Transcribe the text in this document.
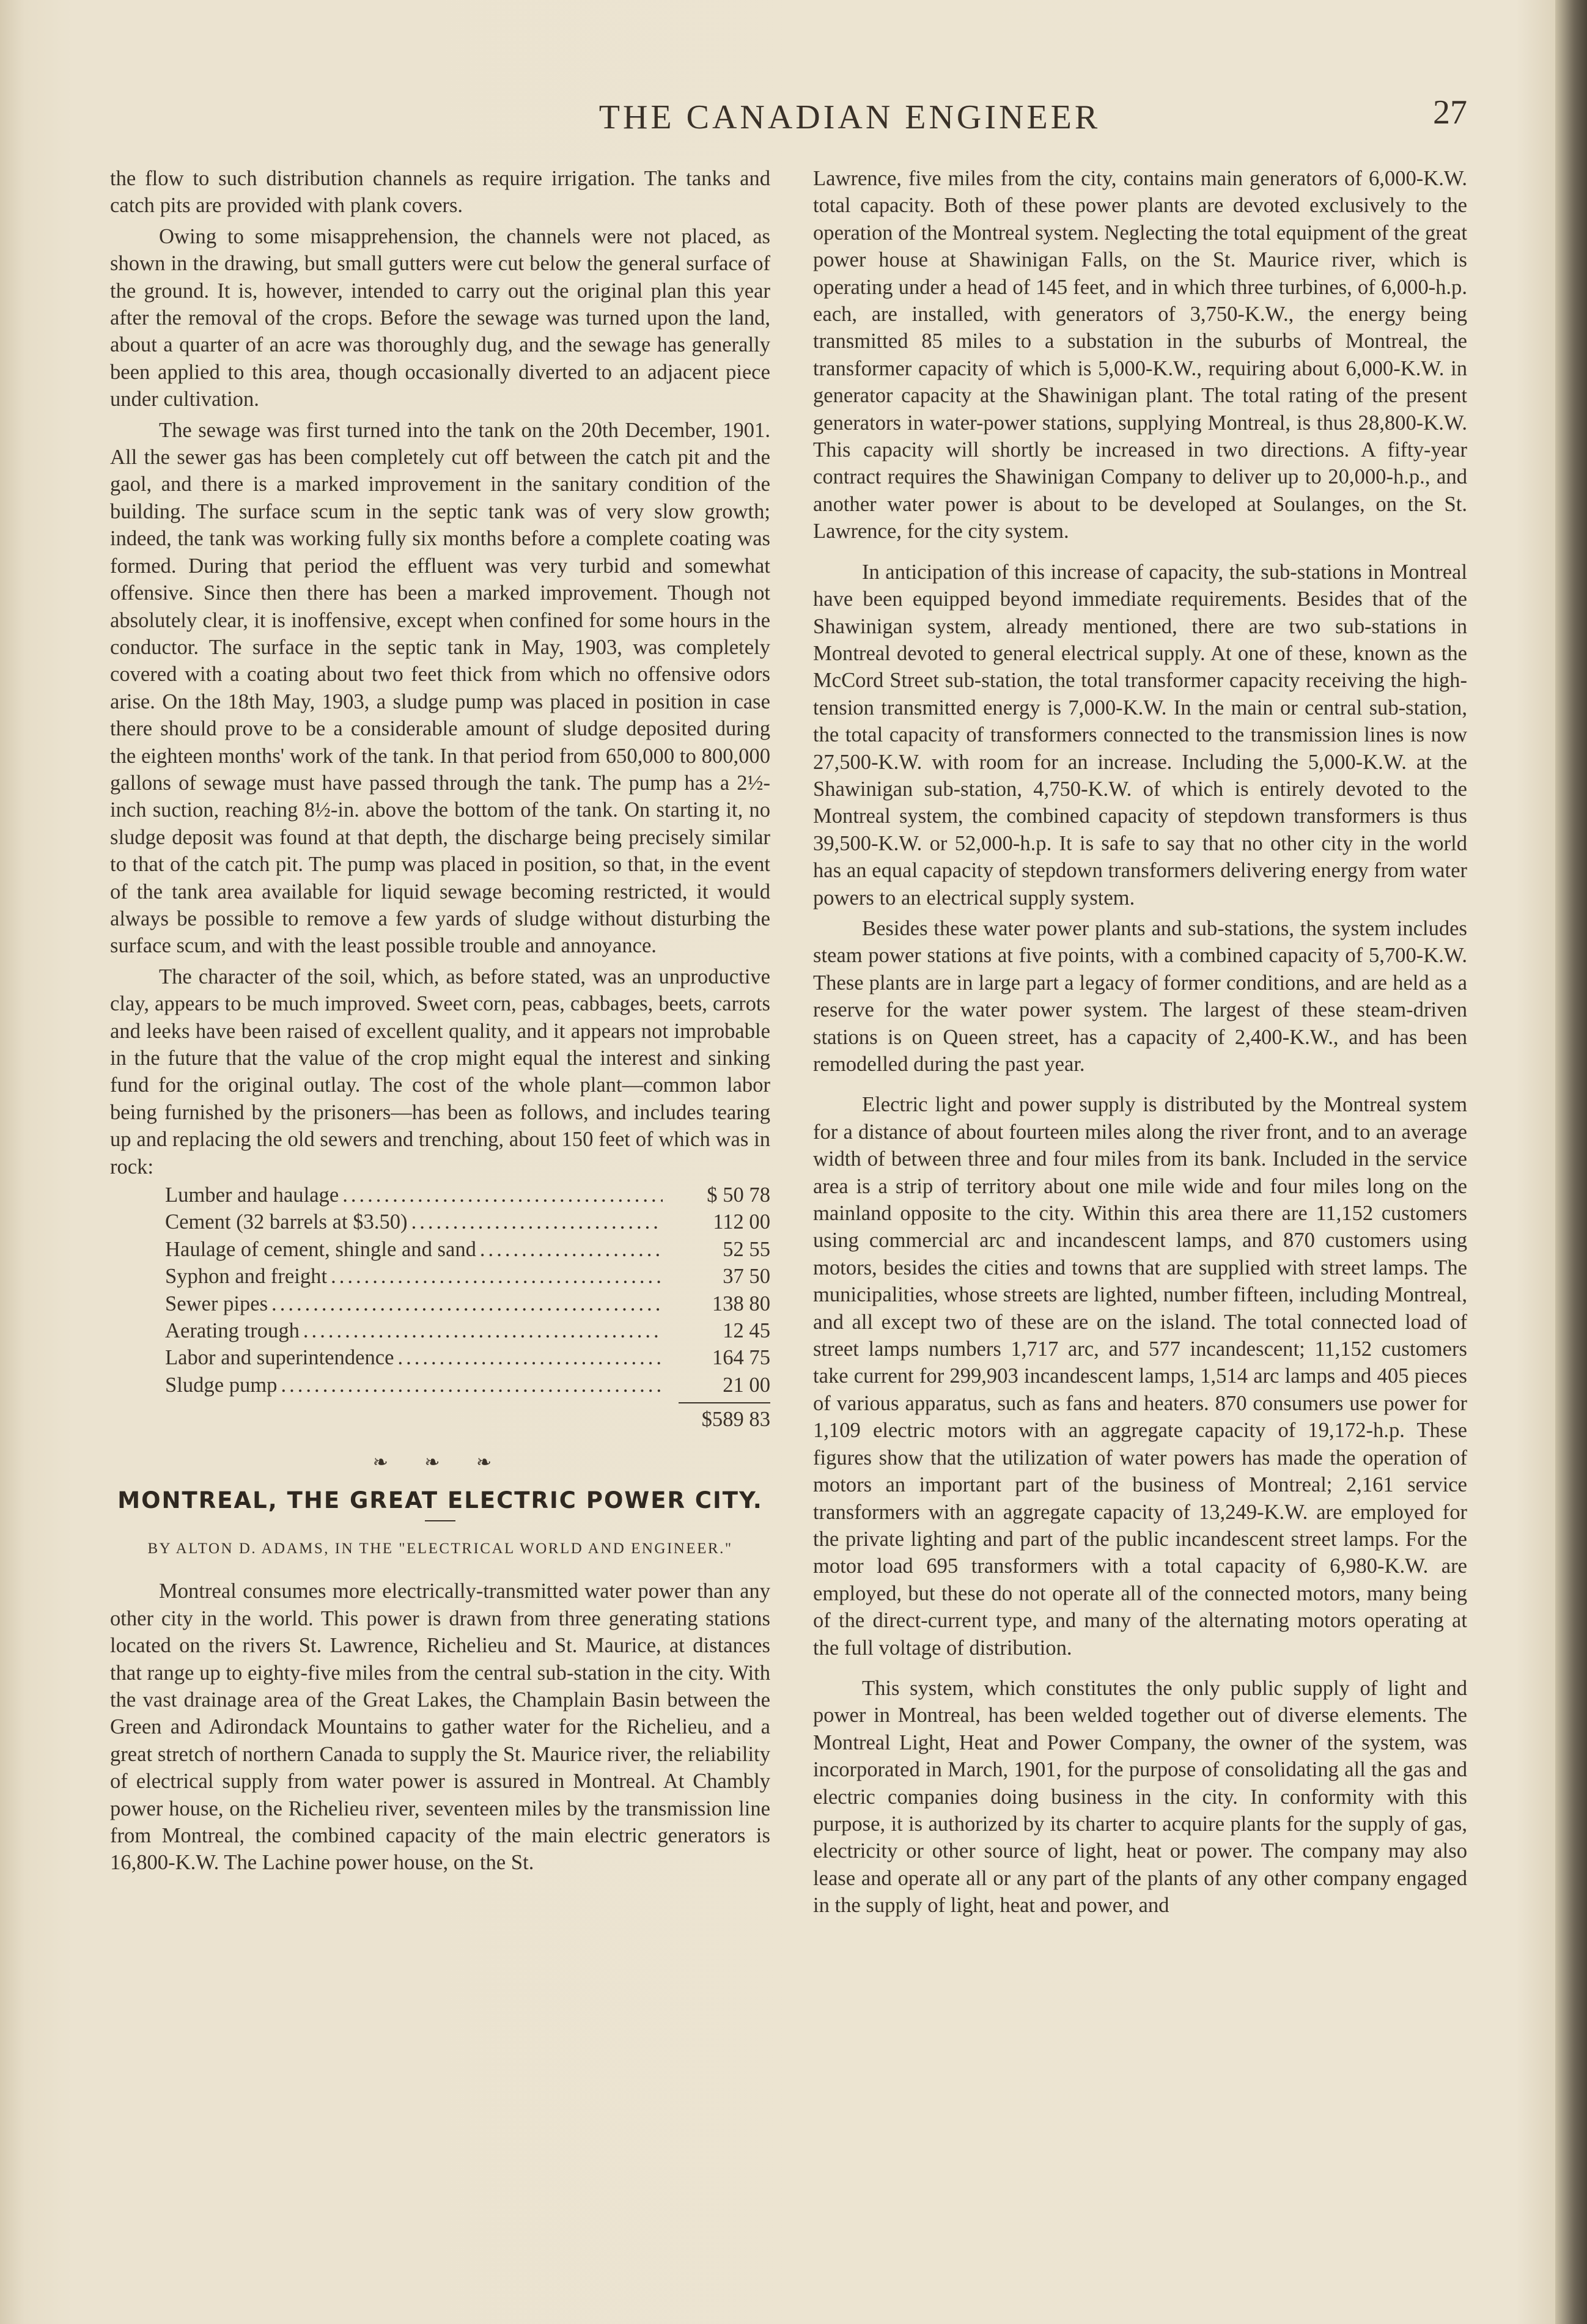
THE CANADIAN ENGINEER	27

the flow to such distribution channels as require irrigation. The tanks and catch pits are provided with plank covers.

Owing to some misapprehension, the channels were not placed, as shown in the drawing, but small gutters were cut below the general surface of the ground. It is, however, intended to carry out the original plan this year after the removal of the crops. Before the sewage was turned upon the land, about a quarter of an acre was thoroughly dug, and the sewage has generally been applied to this area, though occasionally diverted to an adjacent piece under cultivation.

The sewage was first turned into the tank on the 20th December, 1901. All the sewer gas has been completely cut off between the catch pit and the gaol, and there is a marked improvement in the sanitary condition of the building. The surface scum in the septic tank was of very slow growth; indeed, the tank was working fully six months before a complete coating was formed. During that period the effluent was very turbid and somewhat offensive. Since then there has been a marked improvement. Though not absolutely clear, it is inoffensive, except when confined for some hours in the conductor. The surface in the septic tank in May, 1903, was completely covered with a coating about two feet thick from which no offensive odors arise. On the 18th May, 1903, a sludge pump was placed in position in case there should prove to be a considerable amount of sludge deposited during the eighteen months' work of the tank. In that period from 650,000 to 800,000 gallons of sewage must have passed through the tank. The pump has a 2½-inch suction, reaching 8½-in. above the bottom of the tank. On starting it, no sludge deposit was found at that depth, the discharge being precisely similar to that of the catch pit. The pump was placed in position, so that, in the event of the tank area available for liquid sewage becoming restricted, it would always be possible to remove a few yards of sludge without disturbing the surface scum, and with the least possible trouble and annoyance.

The character of the soil, which, as before stated, was an unproductive clay, appears to be much improved. Sweet corn, peas, cabbages, beets, carrots and leeks have been raised of excellent quality, and it appears not improbable in the future that the value of the crop might equal the interest and sinking fund for the original outlay. The cost of the whole plant—common labor being furnished by the prisoners—has been as follows, and includes tearing up and replacing the old sewers and trenching, about 150 feet of which was in rock:

Lumber and haulage .....	$ 50 78
Cement (32 barrels at $3.50) .....	112 00
Haulage of cement, shingle and sand .....	52 55
Syphon and freight .....	37 50
Sewer pipes .....	138 80
Aerating trough .....	12 45
Labor and superintendence .....	164 75
Sludge pump .....	21 00
$589 83
❧ ❧ ❧
MONTREAL, THE GREAT ELECTRIC POWER CITY.
BY ALTON D. ADAMS, IN THE "ELECTRICAL WORLD AND ENGINEER."

Montreal consumes more electrically-transmitted water power than any other city in the world. This power is drawn from three generating stations located on the rivers St. Lawrence, Richelieu and St. Maurice, at distances that range up to eighty-five miles from the central sub-station in the city. With the vast drainage area of the Great Lakes, the Champlain Basin between the Green and Adirondack Mountains to gather water for the Richelieu, and a great stretch of northern Canada to supply the St. Maurice river, the reliability of electrical supply from water power is assured in Montreal. At Chambly power house, on the Richelieu river, seventeen miles by the transmission line from Montreal, the combined capacity of the main electric generators is 16,800-K.W. The Lachine power house, on the St.

Lawrence, five miles from the city, contains main generators of 6,000-K.W. total capacity. Both of these power plants are devoted exclusively to the operation of the Montreal system. Neglecting the total equipment of the great power house at Shawinigan Falls, on the St. Maurice river, which is operating under a head of 145 feet, and in which three turbines, of 6,000-h.p. each, are installed, with generators of 3,750-K.W., the energy being transmitted 85 miles to a substation in the suburbs of Montreal, the transformer capacity of which is 5,000-K.W., requiring about 6,000-K.W. in generator capacity at the Shawinigan plant. The total rating of the present generators in water-power stations, supplying Montreal, is thus 28,800-K.W. This capacity will shortly be increased in two directions. A fifty-year contract requires the Shawinigan Company to deliver up to 20,000-h.p., and another water power is about to be developed at Soulanges, on the St. Lawrence, for the city system.

In anticipation of this increase of capacity, the sub-stations in Montreal have been equipped beyond immediate requirements. Besides that of the Shawinigan system, already mentioned, there are two sub-stations in Montreal devoted to general electrical supply. At one of these, known as the McCord Street sub-station, the total transformer capacity receiving the high-tension transmitted energy is 7,000-K.W. In the main or central sub-station, the total capacity of transformers connected to the transmission lines is now 27,500-K.W. with room for an increase. Including the 5,000-K.W. at the Shawinigan sub-station, 4,750-K.W. of which is entirely devoted to the Montreal system, the combined capacity of stepdown transformers is thus 39,500-K.W. or 52,000-h.p. It is safe to say that no other city in the world has an equal capacity of stepdown transformers delivering energy from water powers to an electrical supply system.

Besides these water power plants and sub-stations, the system includes steam power stations at five points, with a combined capacity of 5,700-K.W. These plants are in large part a legacy of former conditions, and are held as a reserve for the water power system. The largest of these steam-driven stations is on Queen street, has a capacity of 2,400-K.W., and has been remodelled during the past year.

Electric light and power supply is distributed by the Montreal system for a distance of about fourteen miles along the river front, and to an average width of between three and four miles from its bank. Included in the service area is a strip of territory about one mile wide and four miles long on the mainland opposite to the city. Within this area there are 11,152 customers using commercial arc and incandescent lamps, and 870 customers using motors, besides the cities and towns that are supplied with street lamps. The municipalities, whose streets are lighted, number fifteen, including Montreal, and all except two of these are on the island. The total connected load of street lamps numbers 1,717 arc, and 577 incandescent; 11,152 customers take current for 299,903 incandescent lamps, 1,514 arc lamps and 405 pieces of various apparatus, such as fans and heaters. 870 consumers use power for 1,109 electric motors with an aggregate capacity of 19,172-h.p. These figures show that the utilization of water powers has made the operation of motors an important part of the business of Montreal; 2,161 service transformers with an aggregate capacity of 13,249-K.W. are employed for the private lighting and part of the public incandescent street lamps. For the motor load 695 transformers with a total capacity of 6,980-K.W. are employed, but these do not operate all of the connected motors, many being of the direct-current type, and many of the alternating motors operating at the full voltage of distribution.

This system, which constitutes the only public supply of light and power in Montreal, has been welded together out of diverse elements. The Montreal Light, Heat and Power Company, the owner of the system, was incorporated in March, 1901, for the purpose of consolidating all the gas and electric companies doing business in the city. In conformity with this purpose, it is authorized by its charter to acquire plants for the supply of gas, electricity or other source of light, heat or power. The company may also lease and operate all or any part of the plants of any other company engaged in the supply of light, heat and power, and
